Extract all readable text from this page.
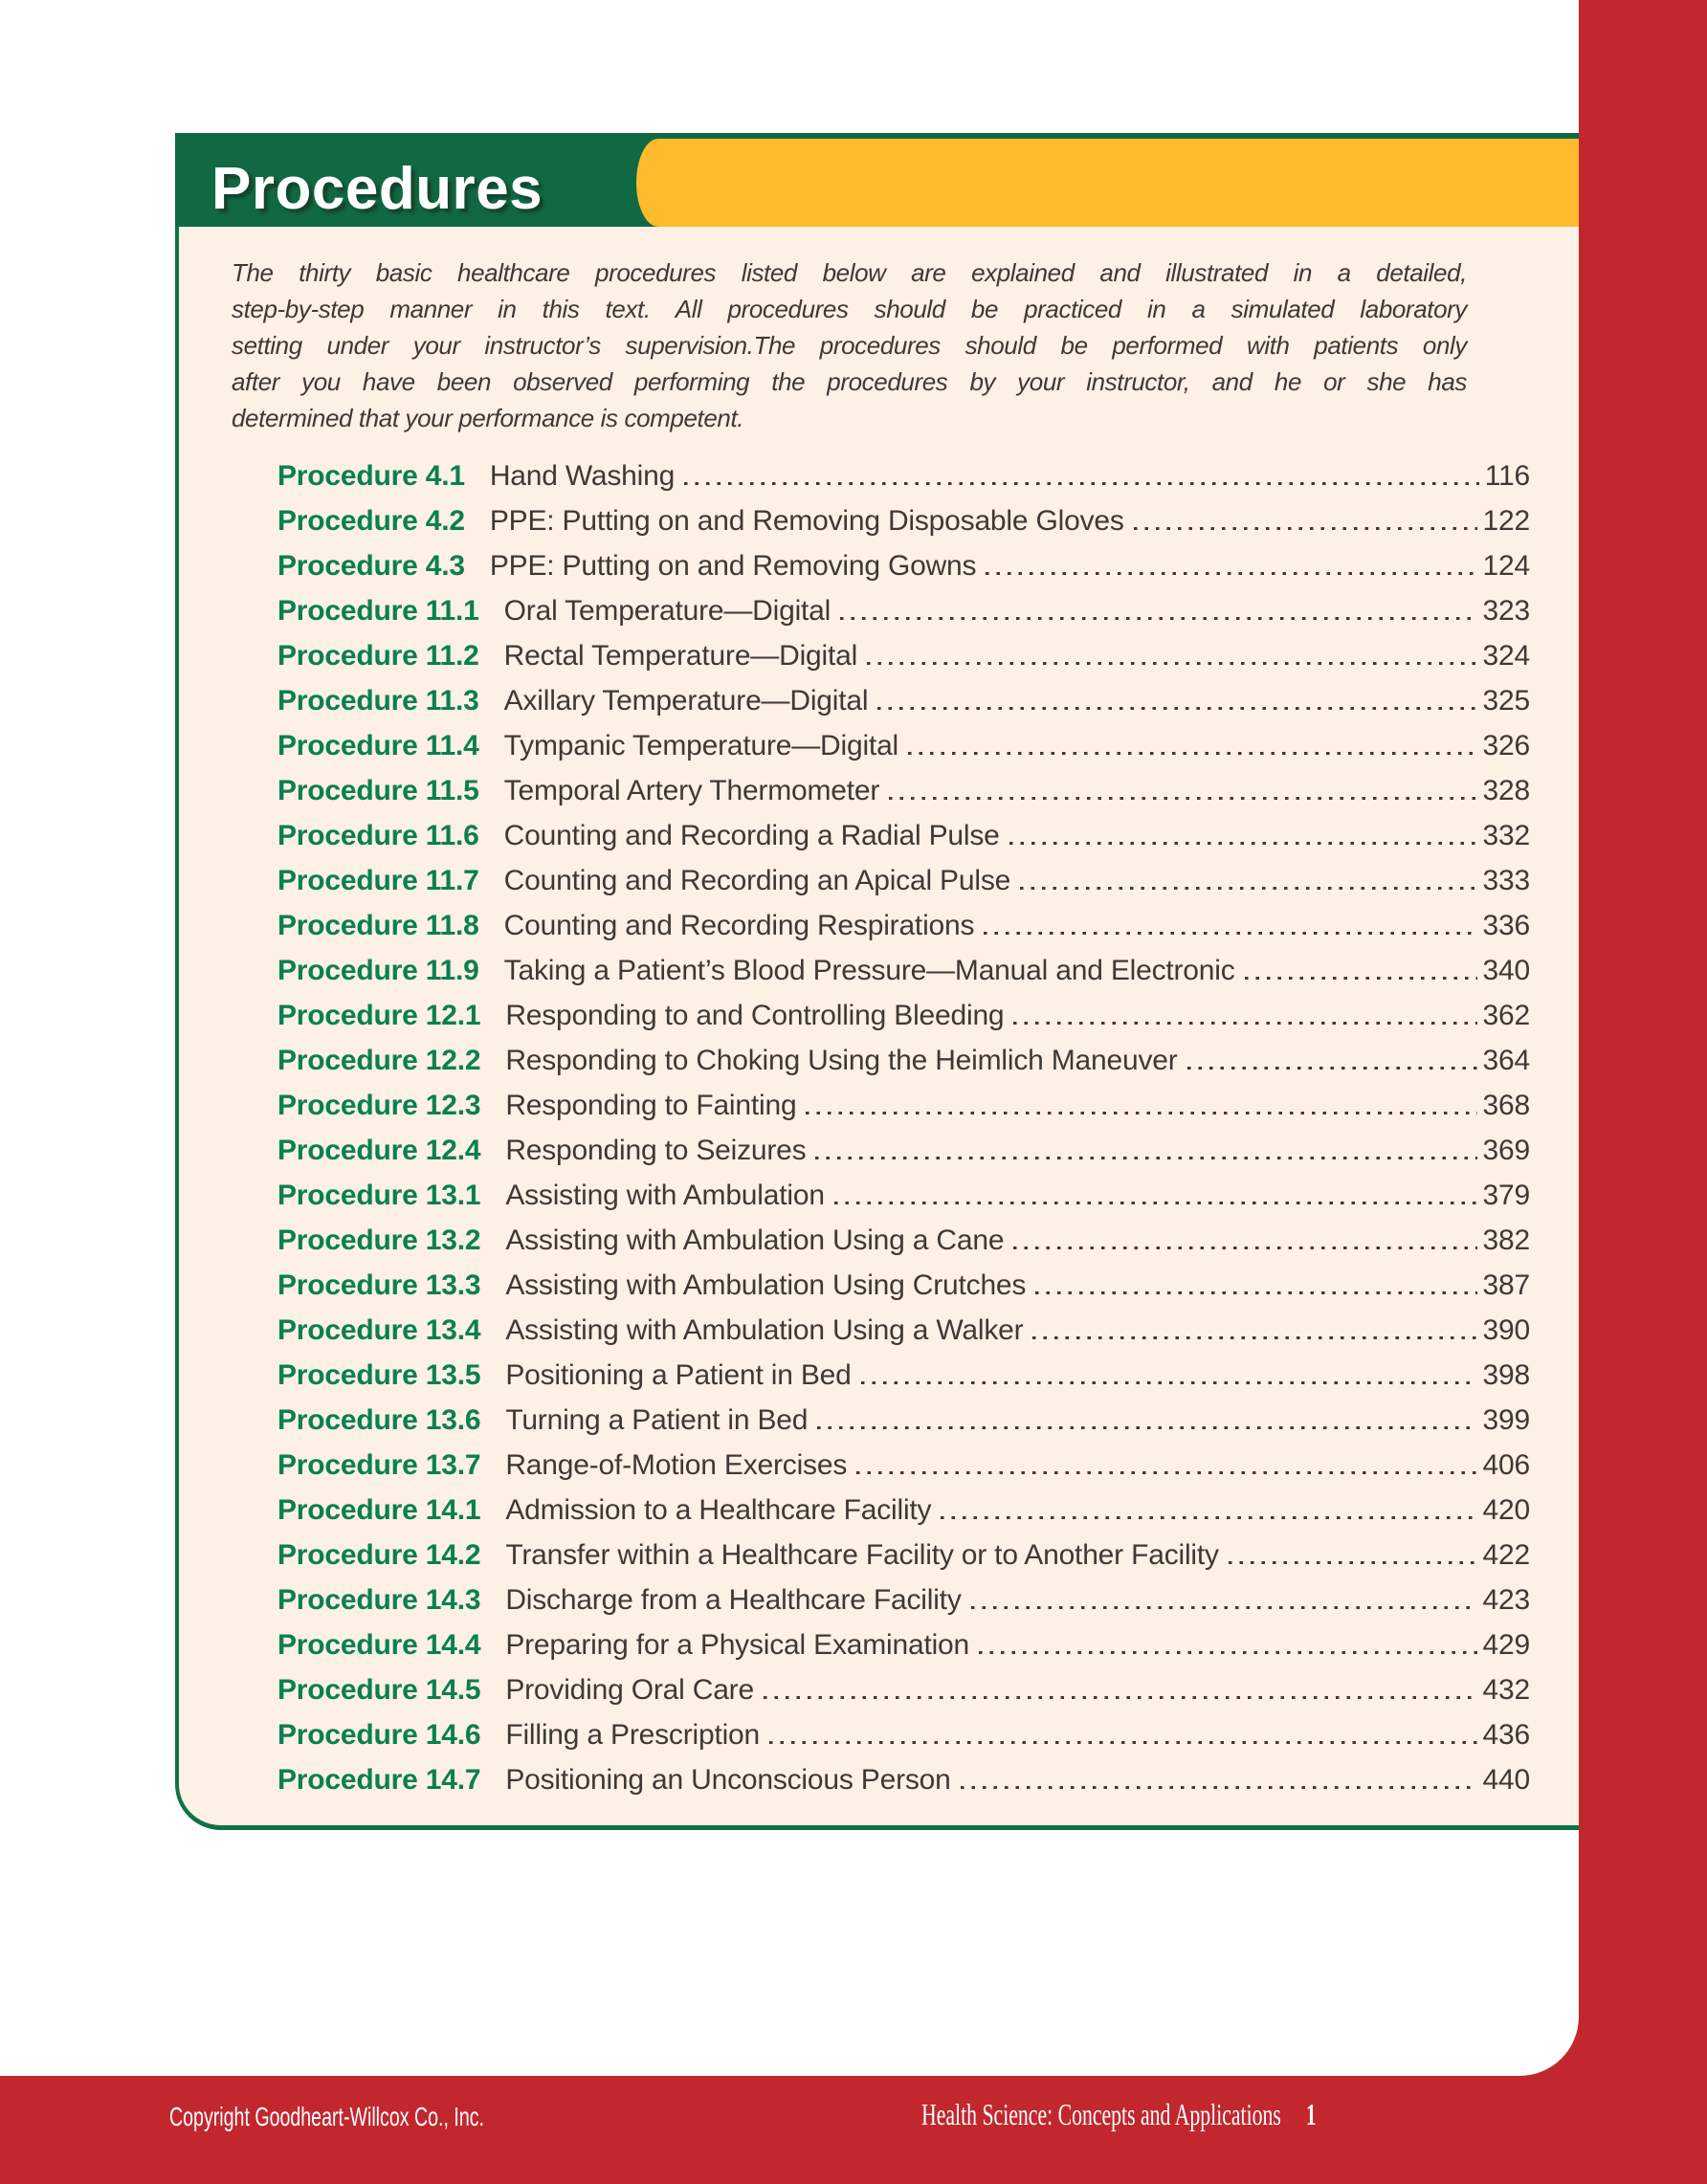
Procedures
The thirty basic healthcare procedures listed below are explained and illustrated in a detailed,
step-by-step manner in this text. All procedures should be practiced in a simulated laboratory
setting under your instructor’s supervision.The procedures should be performed with patients only
after you have been observed performing the procedures by your instructor, and he or she has
determined that your performance is competent.
Procedure 4.1 Hand Washing	116
Procedure 4.2 PPE: Putting on and Removing Disposable Gloves	122
Procedure 4.3 PPE: Putting on and Removing Gowns	124
Procedure 11.1 Oral Temperature—Digital	323
Procedure 11.2 Rectal Temperature—Digital	324
Procedure 11.3 Axillary Temperature—Digital	325
Procedure 11.4 Tympanic Temperature—Digital	326
Procedure 11.5 Temporal Artery Thermometer	328
Procedure 11.6 Counting and Recording a Radial Pulse	332
Procedure 11.7 Counting and Recording an Apical Pulse	333
Procedure 11.8 Counting and Recording Respirations	336
Procedure 11.9 Taking a Patient’s Blood Pressure—Manual and Electronic	340
Procedure 12.1 Responding to and Controlling Bleeding	362
Procedure 12.2 Responding to Choking Using the Heimlich Maneuver	364
Procedure 12.3 Responding to Fainting	368
Procedure 12.4 Responding to Seizures	369
Procedure 13.1 Assisting with Ambulation	379
Procedure 13.2 Assisting with Ambulation Using a Cane	382
Procedure 13.3 Assisting with Ambulation Using Crutches	387
Procedure 13.4 Assisting with Ambulation Using a Walker	390
Procedure 13.5 Positioning a Patient in Bed	398
Procedure 13.6 Turning a Patient in Bed	399
Procedure 13.7 Range-of-Motion Exercises	406
Procedure 14.1 Admission to a Healthcare Facility	420
Procedure 14.2 Transfer within a Healthcare Facility or to Another Facility	422
Procedure 14.3 Discharge from a Healthcare Facility	423
Procedure 14.4 Preparing for a Physical Examination	429
Procedure 14.5 Providing Oral Care	432
Procedure 14.6 Filling a Prescription	436
Procedure 14.7 Positioning an Unconscious Person	440
Copyright Goodheart-Willcox Co., Inc.	Health Science: Concepts and Applications 1
